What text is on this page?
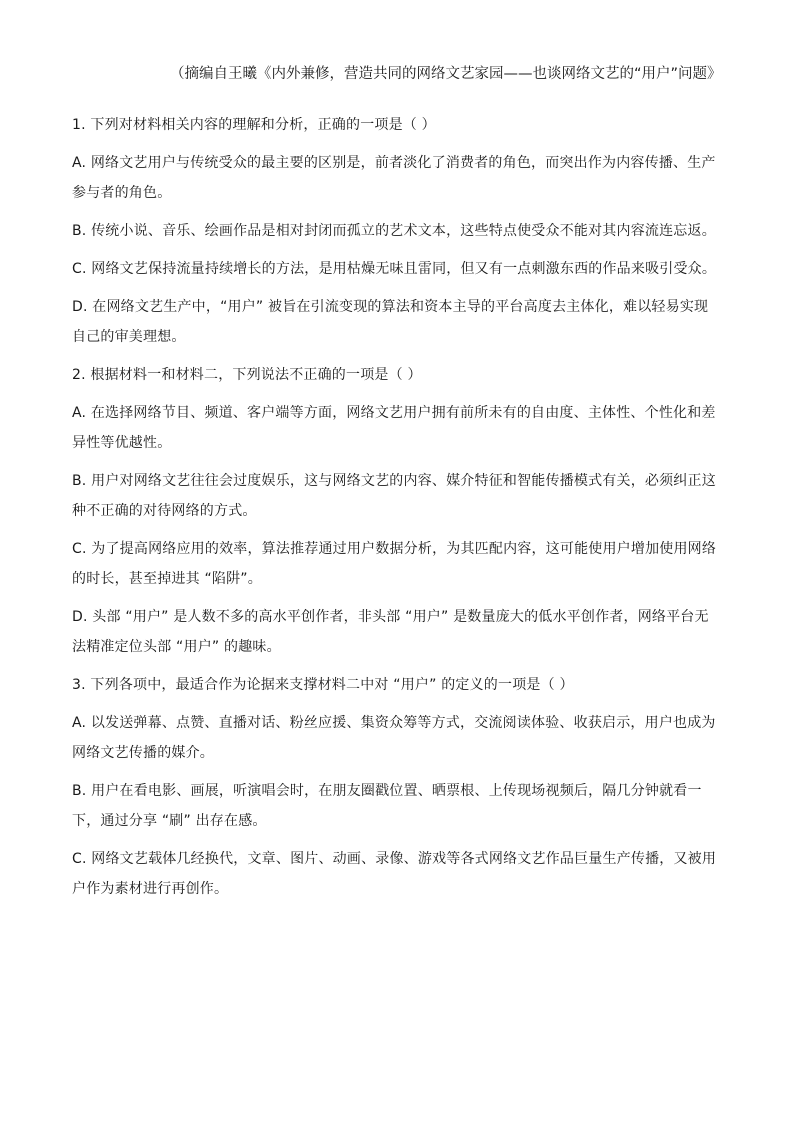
（摘编自王曦《内外兼修，营造共同的网络文艺家园——也谈网络文艺的“用户”问题》

1. 下列对材料相关内容的理解和分析，正确的一项是（ ）

A. 网络文艺用户与传统受众的最主要的区别是，前者淡化了消费者的角色，而突出作为内容传播、生产参与者的角色。

B. 传统小说、音乐、绘画作品是相对封闭而孤立的艺术文本，这些特点使受众不能对其内容流连忘返。

C. 网络文艺保持流量持续增长的方法，是用枯燥无味且雷同，但又有一点刺激东西的作品来吸引受众。

D. 在网络文艺生产中，“用户” 被旨在引流变现的算法和资本主导的平台高度去主体化，难以轻易实现自己的审美理想。

2. 根据材料一和材料二，下列说法不正确的一项是（ ）

A. 在选择网络节目、频道、客户端等方面，网络文艺用户拥有前所未有的自由度、主体性、个性化和差异性等优越性。

B. 用户对网络文艺往往会过度娱乐，这与网络文艺的内容、媒介特征和智能传播模式有关，必须纠正这种不正确的对待网络的方式。

C. 为了提高网络应用的效率，算法推荐通过用户数据分析，为其匹配内容，这可能使用户增加使用网络的时长，甚至掉进其 “陷阱”。

D. 头部 “用户” 是人数不多的高水平创作者，非头部 “用户” 是数量庞大的低水平创作者，网络平台无法精准定位头部 “用户” 的趣味。

3. 下列各项中，最适合作为论据来支撑材料二中对 “用户” 的定义的一项是（ ）

A. 以发送弹幕、点赞、直播对话、粉丝应援、集资众筹等方式，交流阅读体验、收获启示，用户也成为网络文艺传播的媒介。

B. 用户在看电影、画展，听演唱会时，在朋友圈戳位置、晒票根、上传现场视频后，隔几分钟就看一下，通过分享 “刷” 出存在感。

C. 网络文艺载体几经换代，文章、图片、动画、录像、游戏等各式网络文艺作品巨量生产传播，又被用户作为素材进行再创作。
